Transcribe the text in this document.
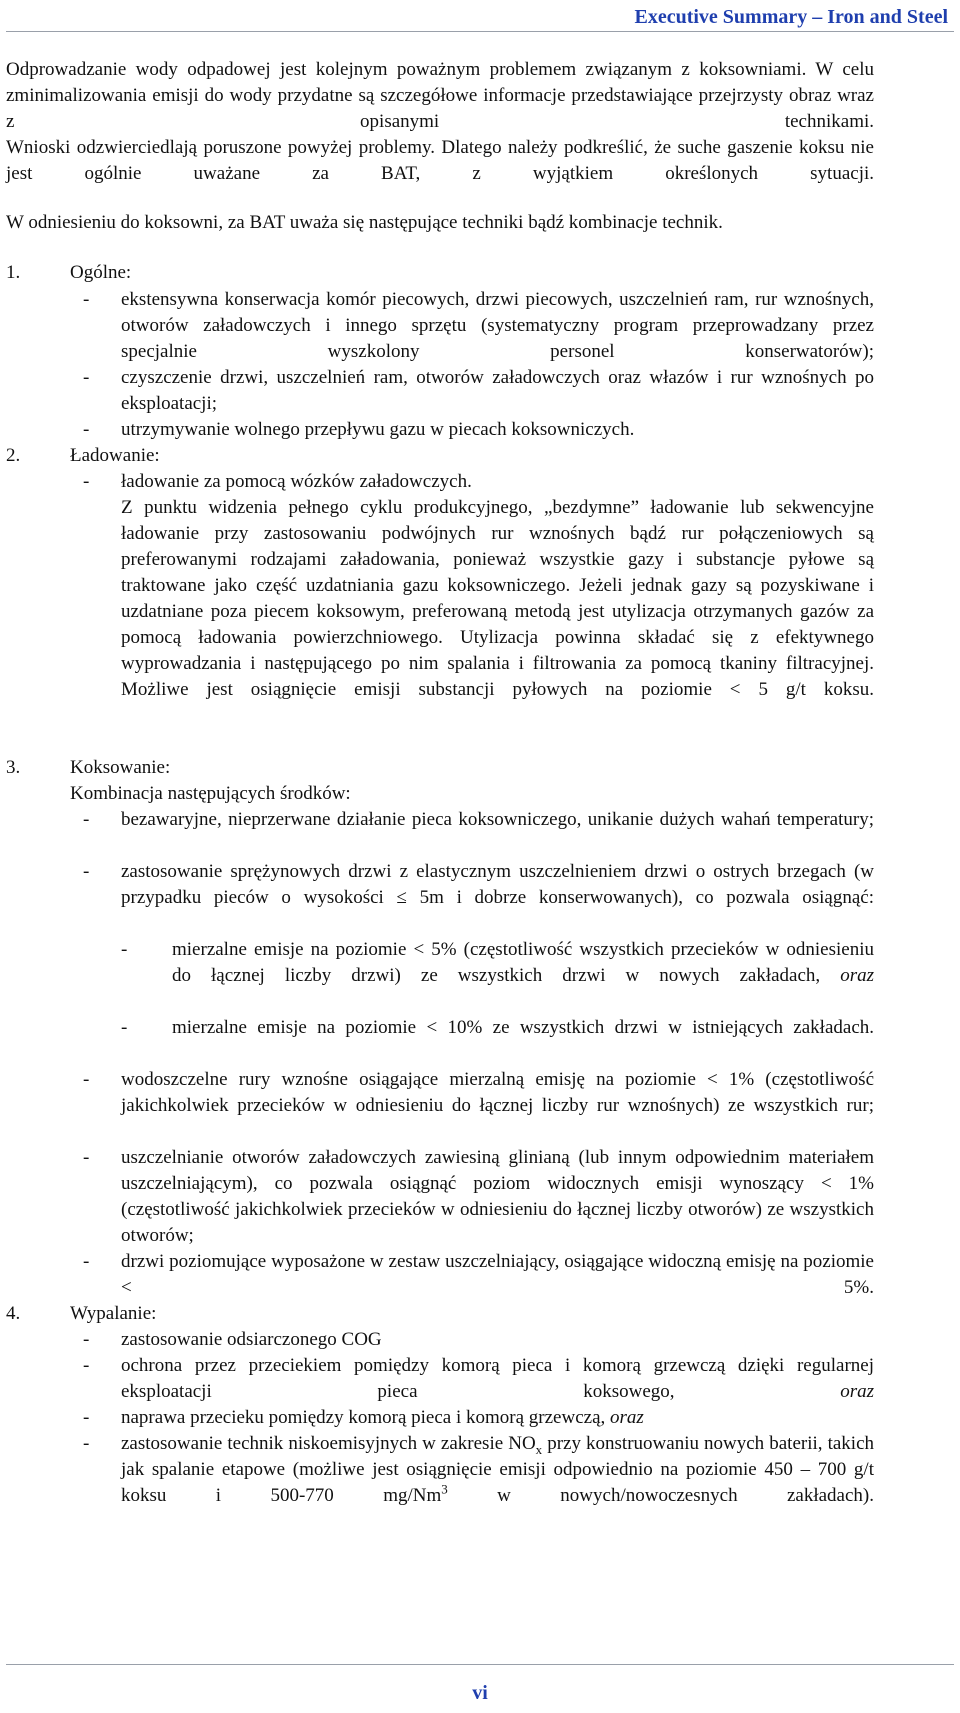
Executive Summary – Iron and Steel

Odprowadzanie wody odpadowej jest kolejnym poważnym problemem związanym z koksowniami. W celu zminimalizowania emisji do wody przydatne są szczegółowe informacje przedstawiające przejrzysty obraz wraz z opisanymi technikami.

Wnioski odzwierciedlają poruszone powyżej problemy. Dlatego należy podkreślić, że suche gaszenie koksu nie jest ogólnie uważane za BAT, z wyjątkiem określonych sytuacji.

W odniesieniu do koksowni, za BAT uważa się następujące techniki bądź kombinacje technik.

1.	Ogólne:

- ekstensywna konserwacja komór piecowych, drzwi piecowych, uszczelnień ram, rur wznośnych, otworów załadowczych i innego sprzętu (systematyczny program przeprowadzany przez specjalnie wyszkolony personel konserwatorów);

- czyszczenie drzwi, uszczelnień ram, otworów załadowczych oraz włazów i rur wznośnych po eksploatacji;

- utrzymywanie wolnego przepływu gazu w piecach koksowniczych.

2.	Ładowanie:

- ładowanie za pomocą wózków załadowczych.

Z punktu widzenia pełnego cyklu produkcyjnego, „bezdymne” ładowanie lub sekwencyjne ładowanie przy zastosowaniu podwójnych rur wznośnych bądź rur połączeniowych są preferowanymi rodzajami załadowania, ponieważ wszystkie gazy i substancje pyłowe są traktowane jako część uzdatniania gazu koksowniczego. Jeżeli jednak gazy są pozyskiwane i uzdatniane poza piecem koksowym, preferowaną metodą jest utylizacja otrzymanych gazów za pomocą ładowania powierzchniowego. Utylizacja powinna składać się z efektywnego wyprowadzania i następującego po nim spalania i filtrowania za pomocą tkaniny filtracyjnej. Możliwe jest osiągnięcie emisji substancji pyłowych na poziomie < 5 g/t koksu.

3.	Koksowanie:

Kombinacja następujących środków:

- bezawaryjne, nieprzerwane działanie pieca koksowniczego, unikanie dużych wahań temperatury;

- zastosowanie sprężynowych drzwi z elastycznym uszczelnieniem drzwi o ostrych brzegach (w przypadku pieców o wysokości ≤ 5m i dobrze konserwowanych), co pozwala osiągnąć:

- mierzalne emisje na poziomie < 5% (częstotliwość wszystkich przecieków w odniesieniu do łącznej liczby drzwi) ze wszystkich drzwi w nowych zakładach, oraz

- mierzalne emisje na poziomie < 10% ze wszystkich drzwi w istniejących zakładach.

- wodoszczelne rury wznośne osiągające mierzalną emisję na poziomie < 1% (częstotliwość jakichkolwiek przecieków w odniesieniu do łącznej liczby rur wznośnych) ze wszystkich rur;

- uszczelnianie otworów załadowczych zawiesiną glinianą (lub innym odpowiednim materiałem uszczelniającym), co pozwala osiągnąć poziom widocznych emisji wynoszący < 1% (częstotliwość jakichkolwiek przecieków w odniesieniu do łącznej liczby otworów) ze wszystkich otworów;

- drzwi poziomujące wyposażone w zestaw uszczelniający, osiągające widoczną emisję na poziomie < 5%.

4.	Wypalanie:

- zastosowanie odsiarczonego COG

- ochrona przez przeciekiem pomiędzy komorą pieca i komorą grzewczą dzięki regularnej eksploatacji pieca koksowego,	oraz

- naprawa przecieku pomiędzy komorą pieca i komorą grzewczą, oraz

- zastosowanie technik niskoemisyjnych w zakresie $NO_x$ przy konstruowaniu nowych baterii, takich jak spalanie etapowe (możliwe jest osiągnięcie emisji odpowiednio na poziomie 450 – 700 g/t koksu i 500-770 mg/Nm$^3$ w nowych/nowoczesnych zakładach).

vi
